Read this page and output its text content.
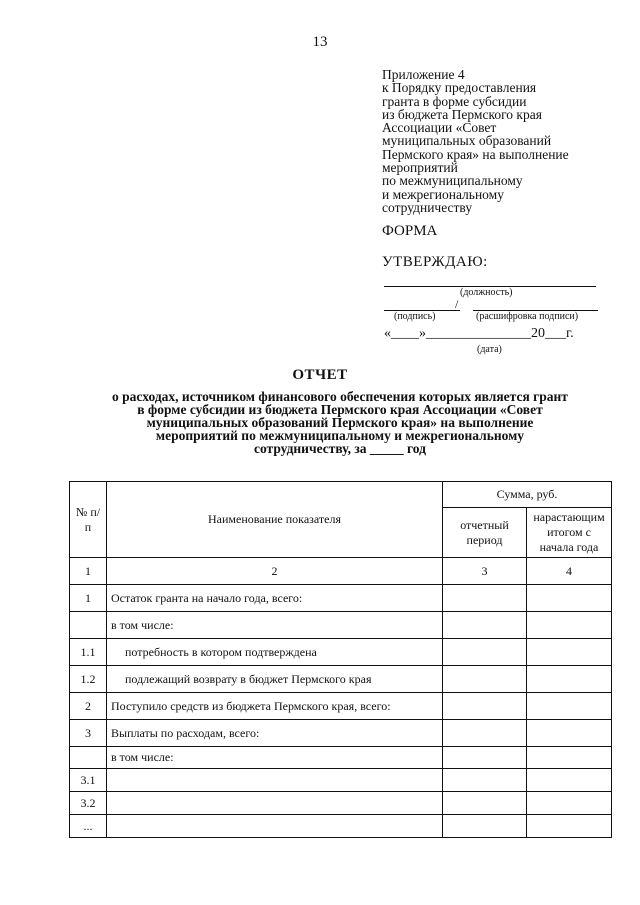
13
Приложение 4
к Порядку предоставления
гранта в форме субсидии
из бюджета Пермского края
Ассоциации «Совет
муниципальных образований
Пермского края» на выполнение
мероприятий
по межмуниципальному
и межрегиональному
сотрудничеству
ФОРМА
УТВЕРЖДАЮ:
(должность)
/
(подпись)	(расшифровка подписи)
«____»_______________20___г.
(дата)
ОТЧЕТ
о расходах, источником финансового обеспечения которых является грант
в форме субсидии из бюджета Пермского края Ассоциации «Совет
муниципальных образований Пермского края» на выполнение
мероприятий по межмуниципальному и межрегиональному
сотрудничеству, за _____ год
№ п/п	Наименование показателя	Сумма, руб.	
		отчетный период	нарастающим итогом с начала года
1	2	3	4
1	Остаток гранта на начало года, всего:		
	в том числе:		
1.1	потребность в котором подтверждена		
1.2	подлежащий возврату в бюджет Пермского края		
2	Поступило средств из бюджета Пермского края, всего:		
3	Выплаты по расходам, всего:		
	в том числе:		
3.1			
3.2			
...			
